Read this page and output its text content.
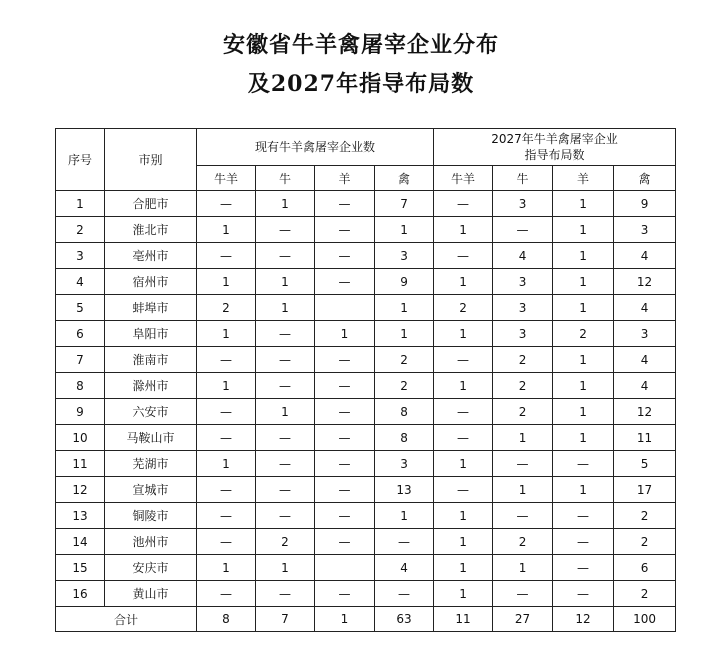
安徽省牛羊禽屠宰企业分布
及2027年指导布局数
序号	市别	现有牛羊禽屠宰企业数				2027年牛羊禽屠宰企业
指导布局数			
		牛羊	牛	羊	禽	牛羊	牛	羊	禽
1	合肥市	—	1	—	7	—	3	1	9
2	淮北市	1	—	—	1	1	—	1	3
3	亳州市	—	—	—	3	—	4	1	4
4	宿州市	1	1	—	9	1	3	1	12
5	蚌埠市	2	1		1	2	3	1	4
6	阜阳市	1	—	1	1	1	3	2	3
7	淮南市	—	—	—	2	—	2	1	4
8	滁州市	1	—	—	2	1	2	1	4
9	六安市	—	1	—	8	—	2	1	12
10	马鞍山市	—	—	—	8	—	1	1	11
11	芜湖市	1	—	—	3	1	—	—	5
12	宣城市	—	—	—	13	—	1	1	17
13	铜陵市	—	—	—	1	1	—	—	2
14	池州市	—	2	—	—	1	2	—	2
15	安庆市	1	1		4	1	1	—	6
16	黄山市	—	—	—	—	1	—	—	2
合计		8	7	1	63	11	27	12	100
